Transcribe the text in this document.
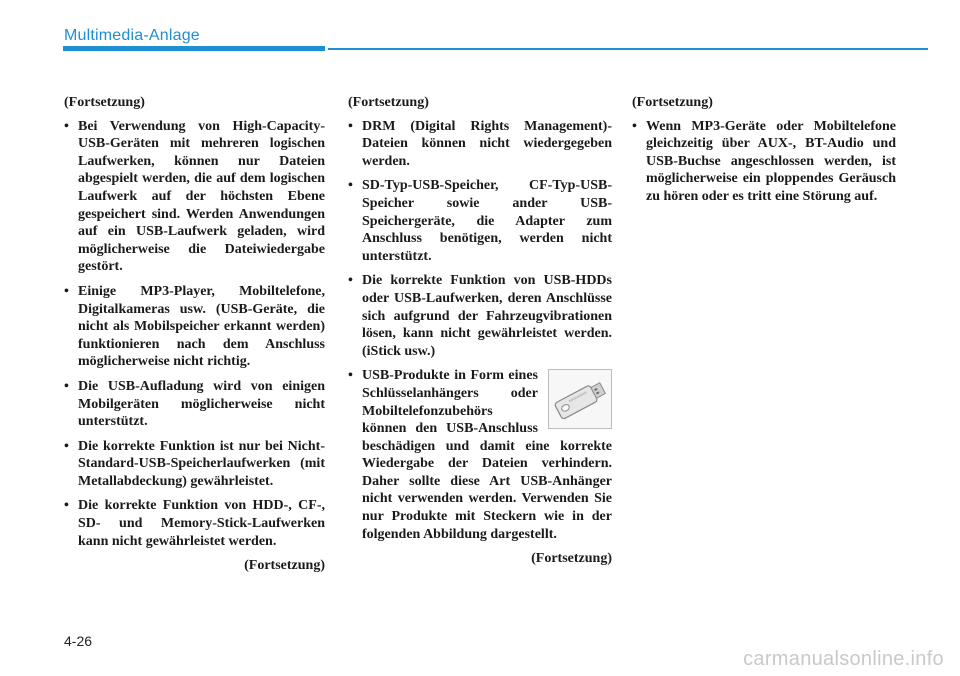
Multimedia-Anlage

(Fortsetzung)

• Bei Verwendung von High-Capacity-USB-Geräten mit mehreren logischen Laufwerken, können nur Dateien abgespielt werden, die auf dem logischen Laufwerk auf der höchsten Ebene gespeichert sind. Werden Anwendungen auf ein USB-Laufwerk geladen, wird möglicherweise die Dateiwiedergabe gestört.
• Einige MP3-Player, Mobiltelefone, Digitalkameras usw. (USB-Geräte, die nicht als Mobilspeicher erkannt werden) funktionieren nach dem Anschluss möglicherweise nicht richtig.
• Die USB-Aufladung wird von einigen Mobilgeräten möglicherweise nicht unterstützt.
• Die korrekte Funktion ist nur bei Nicht-Standard-USB-Speicherlaufwerken (mit Metallabdeckung) gewährleistet.
• Die korrekte Funktion von HDD-, CF-, SD- und Memory-Stick-Laufwerken kann nicht gewährleistet werden.

(Fortsetzung)

(Fortsetzung)

• DRM (Digital Rights Management)-Dateien können nicht wiedergegeben werden.
• SD-Typ-USB-Speicher, CF-Typ-USB-Speicher sowie ander USB-Speichergeräte, die Adapter zum Anschluss benötigen, werden nicht unterstützt.
• Die korrekte Funktion von USB-HDDs oder USB-Laufwerken, deren Anschlüsse sich aufgrund der Fahrzeugvibrationen lösen, kann nicht gewährleistet werden. (iStick usw.)
• USB-Produkte in Form eines Schlüsselanhängers oder Mobiltelefonzubehörs können den USB-Anschluss beschädigen und damit eine korrekte Wiedergabe der Dateien verhindern. Daher sollte diese Art USB-Anhänger nicht verwenden werden. Verwenden Sie nur Produkte mit Steckern wie in der folgenden Abbildung dargestellt.

(Fortsetzung)

(Fortsetzung)

• Wenn MP3-Geräte oder Mobiltelefone gleichzeitig über AUX-, BT-Audio und USB-Buchse angeschlossen werden, ist möglicherweise ein ploppendes Geräusch zu hören oder es tritt eine Störung auf.
4-26
carmanualsonline.info
